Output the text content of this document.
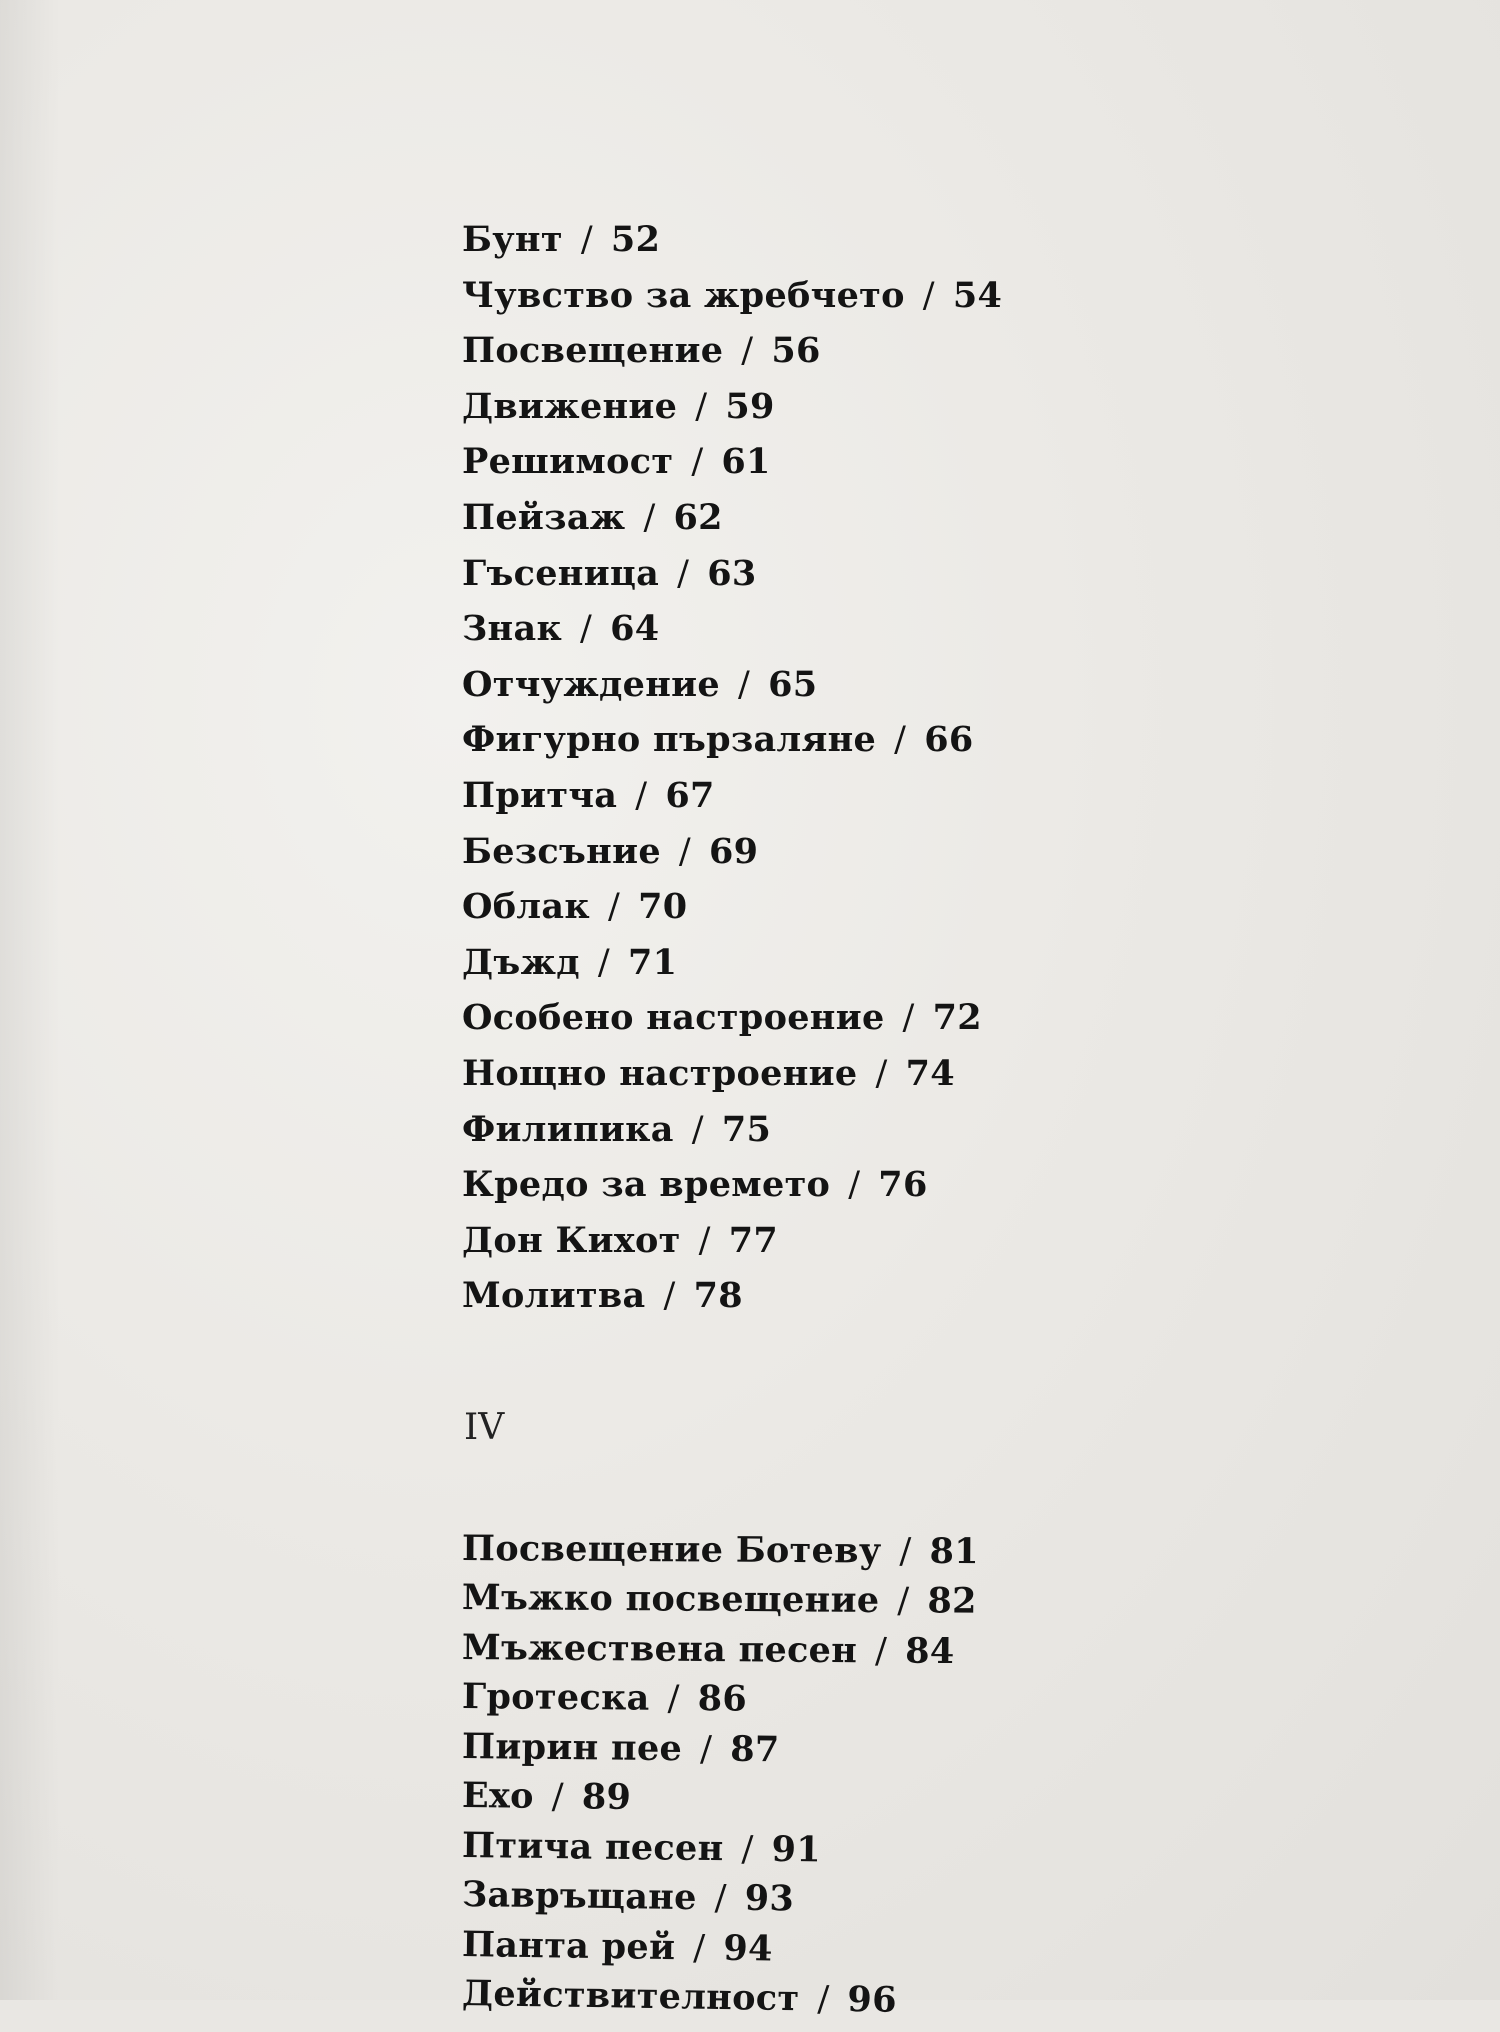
Бунт / 52
Чувство за жребчето / 54
Посвещение / 56
Движение / 59
Решимост / 61
Пейзаж / 62
Гъсеница / 63
Знак / 64
Отчуждение / 65
Фигурно пързаляне / 66
Притча / 67
Безсъние / 69
Облак / 70
Дъжд / 71
Особено настроение / 72
Нощно настроение / 74
Филипика / 75
Кредо за времето / 76
Дон Кихот / 77
Молитва / 78
IV
Посвещение Ботеву / 81
Мъжко посвещение / 82
Мъжествена песен / 84
Гротеска / 86
Пирин пее / 87
Ехо / 89
Птича песен / 91
Завръщане / 93
Панта рей / 94
Действителност / 96
